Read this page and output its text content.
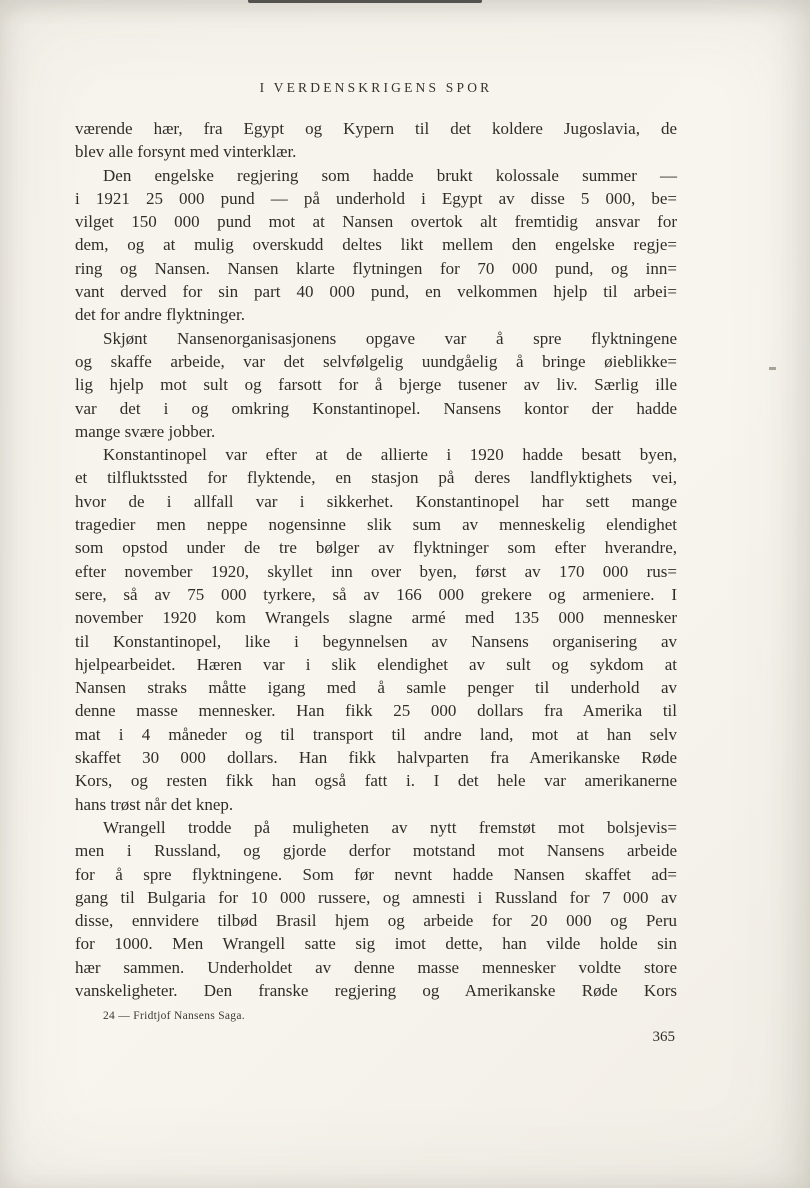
I VERDENSKRIGENS SPOR
værende hær, fra Egypt og Kypern til det koldere Jugoslavia, de
blev alle forsynt med vinterklær.
Den engelske regjering som hadde brukt kolossale summer —
i 1921 25 000 pund — på underhold i Egypt av disse 5 000, be=
vilget 150 000 pund mot at Nansen overtok alt fremtidig ansvar for
dem, og at mulig overskudd deltes likt mellem den engelske regje=
ring og Nansen. Nansen klarte flytningen for 70 000 pund, og inn=
vant derved for sin part 40 000 pund, en velkommen hjelp til arbei=
det for andre flyktninger.
Skjønt Nansenorganisasjonens opgave var å spre flyktningene
og skaffe arbeide, var det selvfølgelig uundgåelig å bringe øieblikke=
lig hjelp mot sult og farsott for å bjerge tusener av liv. Særlig ille
var det i og omkring Konstantinopel. Nansens kontor der hadde
mange svære jobber.
Konstantinopel var efter at de allierte i 1920 hadde besatt byen,
et tilfluktssted for flyktende, en stasjon på deres landflyktighets vei,
hvor de i allfall var i sikkerhet. Konstantinopel har sett mange
tragedier men neppe nogensinne slik sum av menneskelig elendighet
som opstod under de tre bølger av flyktninger som efter hverandre,
efter november 1920, skyllet inn over byen, først av 170 000 rus=
sere, så av 75 000 tyrkere, så av 166 000 grekere og armeniere. I
november 1920 kom Wrangels slagne armé med 135 000 mennesker
til Konstantinopel, like i begynnelsen av Nansens organisering av
hjelpearbeidet. Hæren var i slik elendighet av sult og sykdom at
Nansen straks måtte igang med å samle penger til underhold av
denne masse mennesker. Han fikk 25 000 dollars fra Amerika til
mat i 4 måneder og til transport til andre land, mot at han selv
skaffet 30 000 dollars. Han fikk halvparten fra Amerikanske Røde
Kors, og resten fikk han også fatt i. I det hele var amerikanerne
hans trøst når det knep.
Wrangell trodde på muligheten av nytt fremstøt mot bolsjevis=
men i Russland, og gjorde derfor motstand mot Nansens arbeide
for å spre flyktningene. Som før nevnt hadde Nansen skaffet ad=
gang til Bulgaria for 10 000 russere, og amnesti i Russland for 7 000 av
disse, ennvidere tilbød Brasil hjem og arbeide for 20 000 og Peru
for 1000. Men Wrangell satte sig imot dette, han vilde holde sin
hær sammen. Underholdet av denne masse mennesker voldte store
vanskeligheter. Den franske regjering og Amerikanske Røde Kors
24 — Fridtjof Nansens Saga.
365
